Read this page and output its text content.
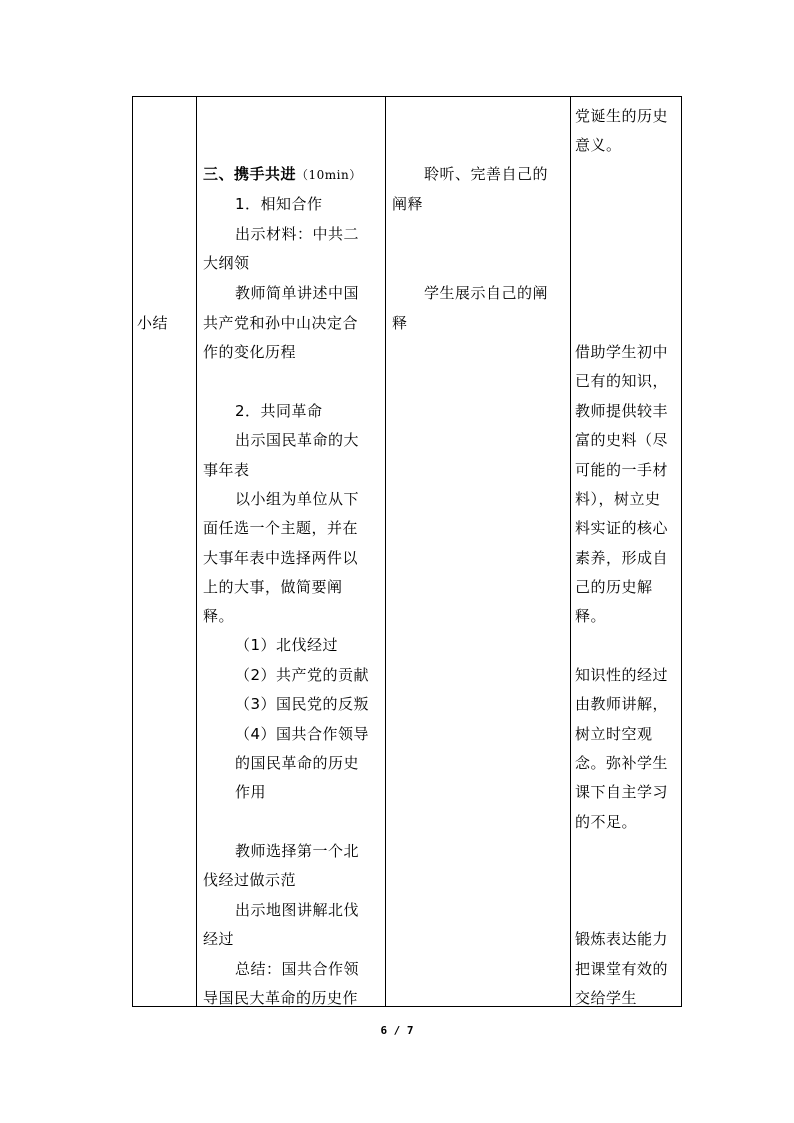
小结

三、携手共进（10min）
1．相知合作
出示材料：中共二
大纲领
教师简单讲述中国
共产党和孙中山决定合
作的变化历程
2．共同革命
出示国民革命的大
事年表
以小组为单位从下
面任选一个主题，并在
大事年表中选择两件以
上的大事，做简要阐
释。
（1）北伐经过
（2）共产党的贡献
（3）国民党的反叛
（4）国共合作领导
的国民革命的历史
作用
教师选择第一个北
伐经过做示范
出示地图讲解北伐
经过
总结：国共合作领
导国民大革命的历史作

聆听、完善自己的
阐释
学生展示自己的阐
释

党诞生的历史
意义。
借助学生初中
已有的知识，
教师提供较丰
富的史料（尽
可能的一手材
料），树立史
料实证的核心
素养，形成自
己的历史解
释。
知识性的经过
由教师讲解，
树立时空观
念。弥补学生
课下自主学习
的不足。
锻炼表达能力
把课堂有效的
交给学生
6 / 7
